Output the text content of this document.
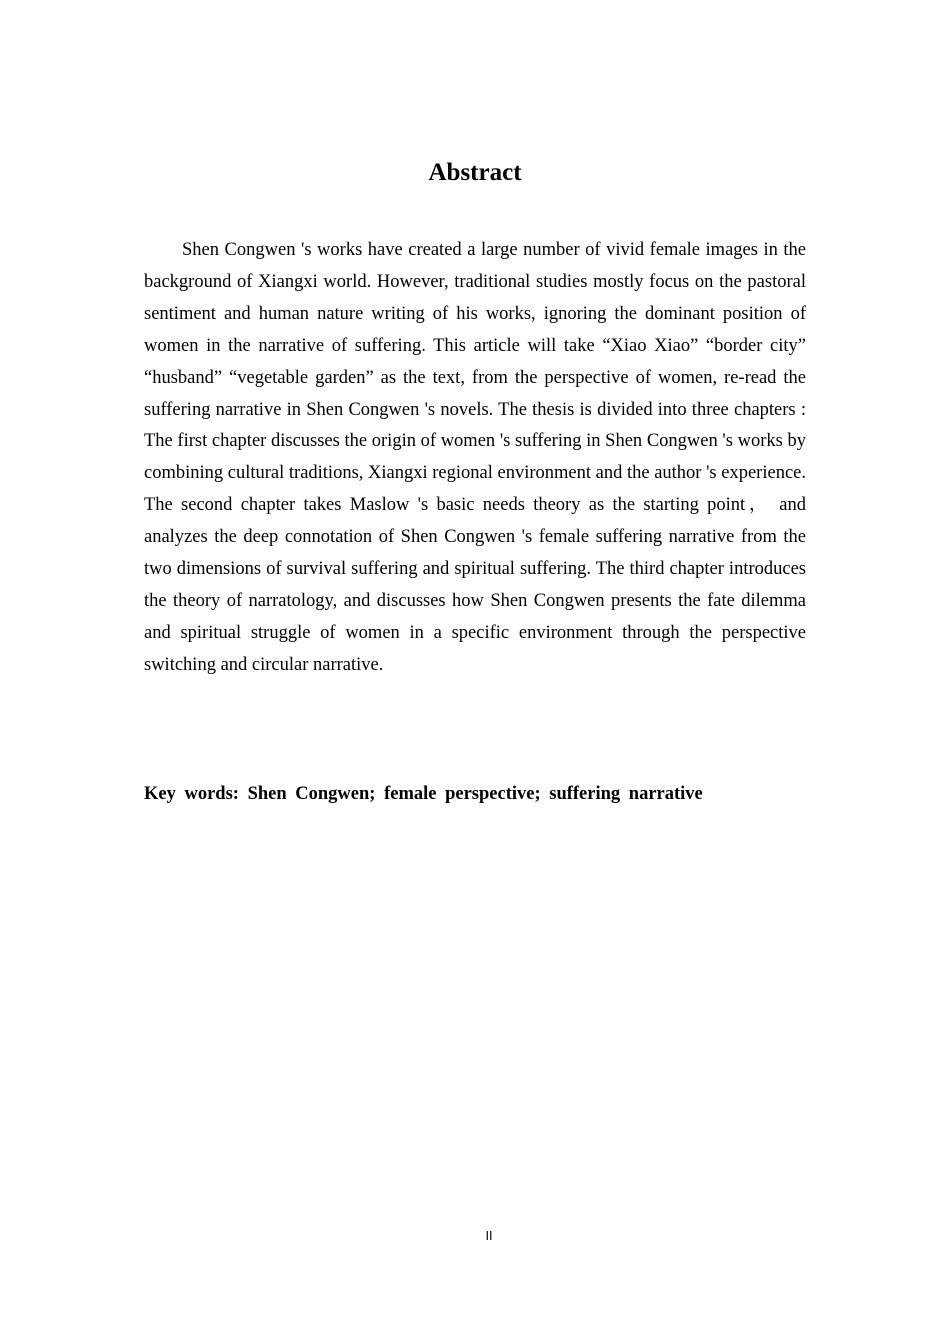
Abstract

Shen Congwen 's works have created a large number of vivid female images in the background of Xiangxi world. However, traditional studies mostly focus on the pastoral sentiment and human nature writing of his works, ignoring the dominant position of women in the narrative of suffering. This article will take “Xiao Xiao” “border city” “husband” “vegetable garden” as the text, from the perspective of women, re-read the suffering narrative in Shen Congwen 's novels. The thesis is divided into three chapters : The first chapter discusses the origin of women 's suffering in Shen Congwen 's works by combining cultural traditions, Xiangxi regional environment and the author 's experience. The second chapter takes Maslow 's basic needs theory as the starting point， and analyzes the deep connotation of Shen Congwen 's female suffering narrative from the two dimensions of survival suffering and spiritual suffering. The third chapter introduces the theory of narratology, and discusses how Shen Congwen presents the fate dilemma and spiritual struggle of women in a specific environment through the perspective switching and circular narrative.

Key words: Shen Congwen; female perspective; suffering narrative

II
